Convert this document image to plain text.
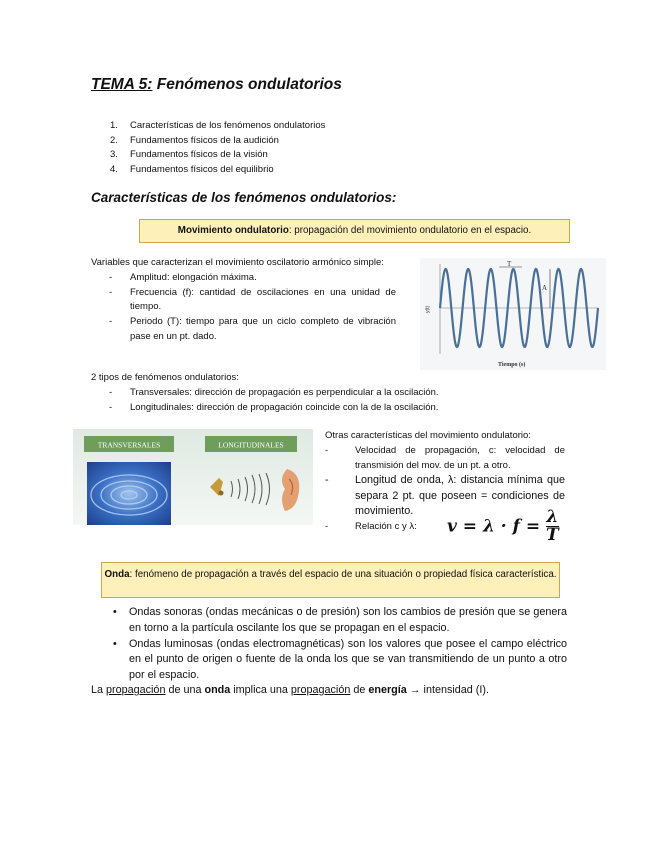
TEMA 5: Fenómenos ondulatorios
1. Características de los fenómenos ondulatorios
2. Fundamentos físicos de la audición
3. Fundamentos físicos de la visión
4. Fundamentos físicos del equilibrio
Características de los fenómenos ondulatorios:
Movimiento ondulatorio: propagación del movimiento ondulatorio en el espacio.
Variables que caracterizan el movimiento oscilatorio armónico simple:
- Amplitud: elongación máxima.
- Frecuencia (f): cantidad de oscilaciones en una unidad de tiempo.
- Periodo (T): tiempo para que un ciclo completo de vibración pase en un pt. dado.
T
A
y(t)
Tiempo (s)
2 tipos de fenómenos ondulatorios:
- Transversales: dirección de propagación es perpendicular a la oscilación.
- Longitudinales: dirección de propagación coincide con la de la oscilación.
TRANSVERSALES	LONGITUDINALES
Otras características del movimiento ondulatorio:
-	Velocidad de propagación, c: velocidad de transmisión del mov. de un pt. a otro.
- Longitud de onda, λ: distancia mínima que separa 2 pt. que poseen = condiciones de movimiento.
-	Relación c y λ:	$v = \lambda \cdot f = \frac{\lambda}{T}$
Onda: fenómeno de propagación a través del espacio de una situación o propiedad física característica.
• Ondas sonoras (ondas mecánicas o de presión) son los cambios de presión que se genera en torno a la partícula oscilante los que se propagan en el espacio.
• Ondas luminosas (ondas electromagnéticas) son los valores que posee el campo eléctrico en el punto de origen o fuente de la onda los que se van transmitiendo de un punto a otro por el espacio.
La propagación de una onda implica una propagación de energía → intensidad (I).
